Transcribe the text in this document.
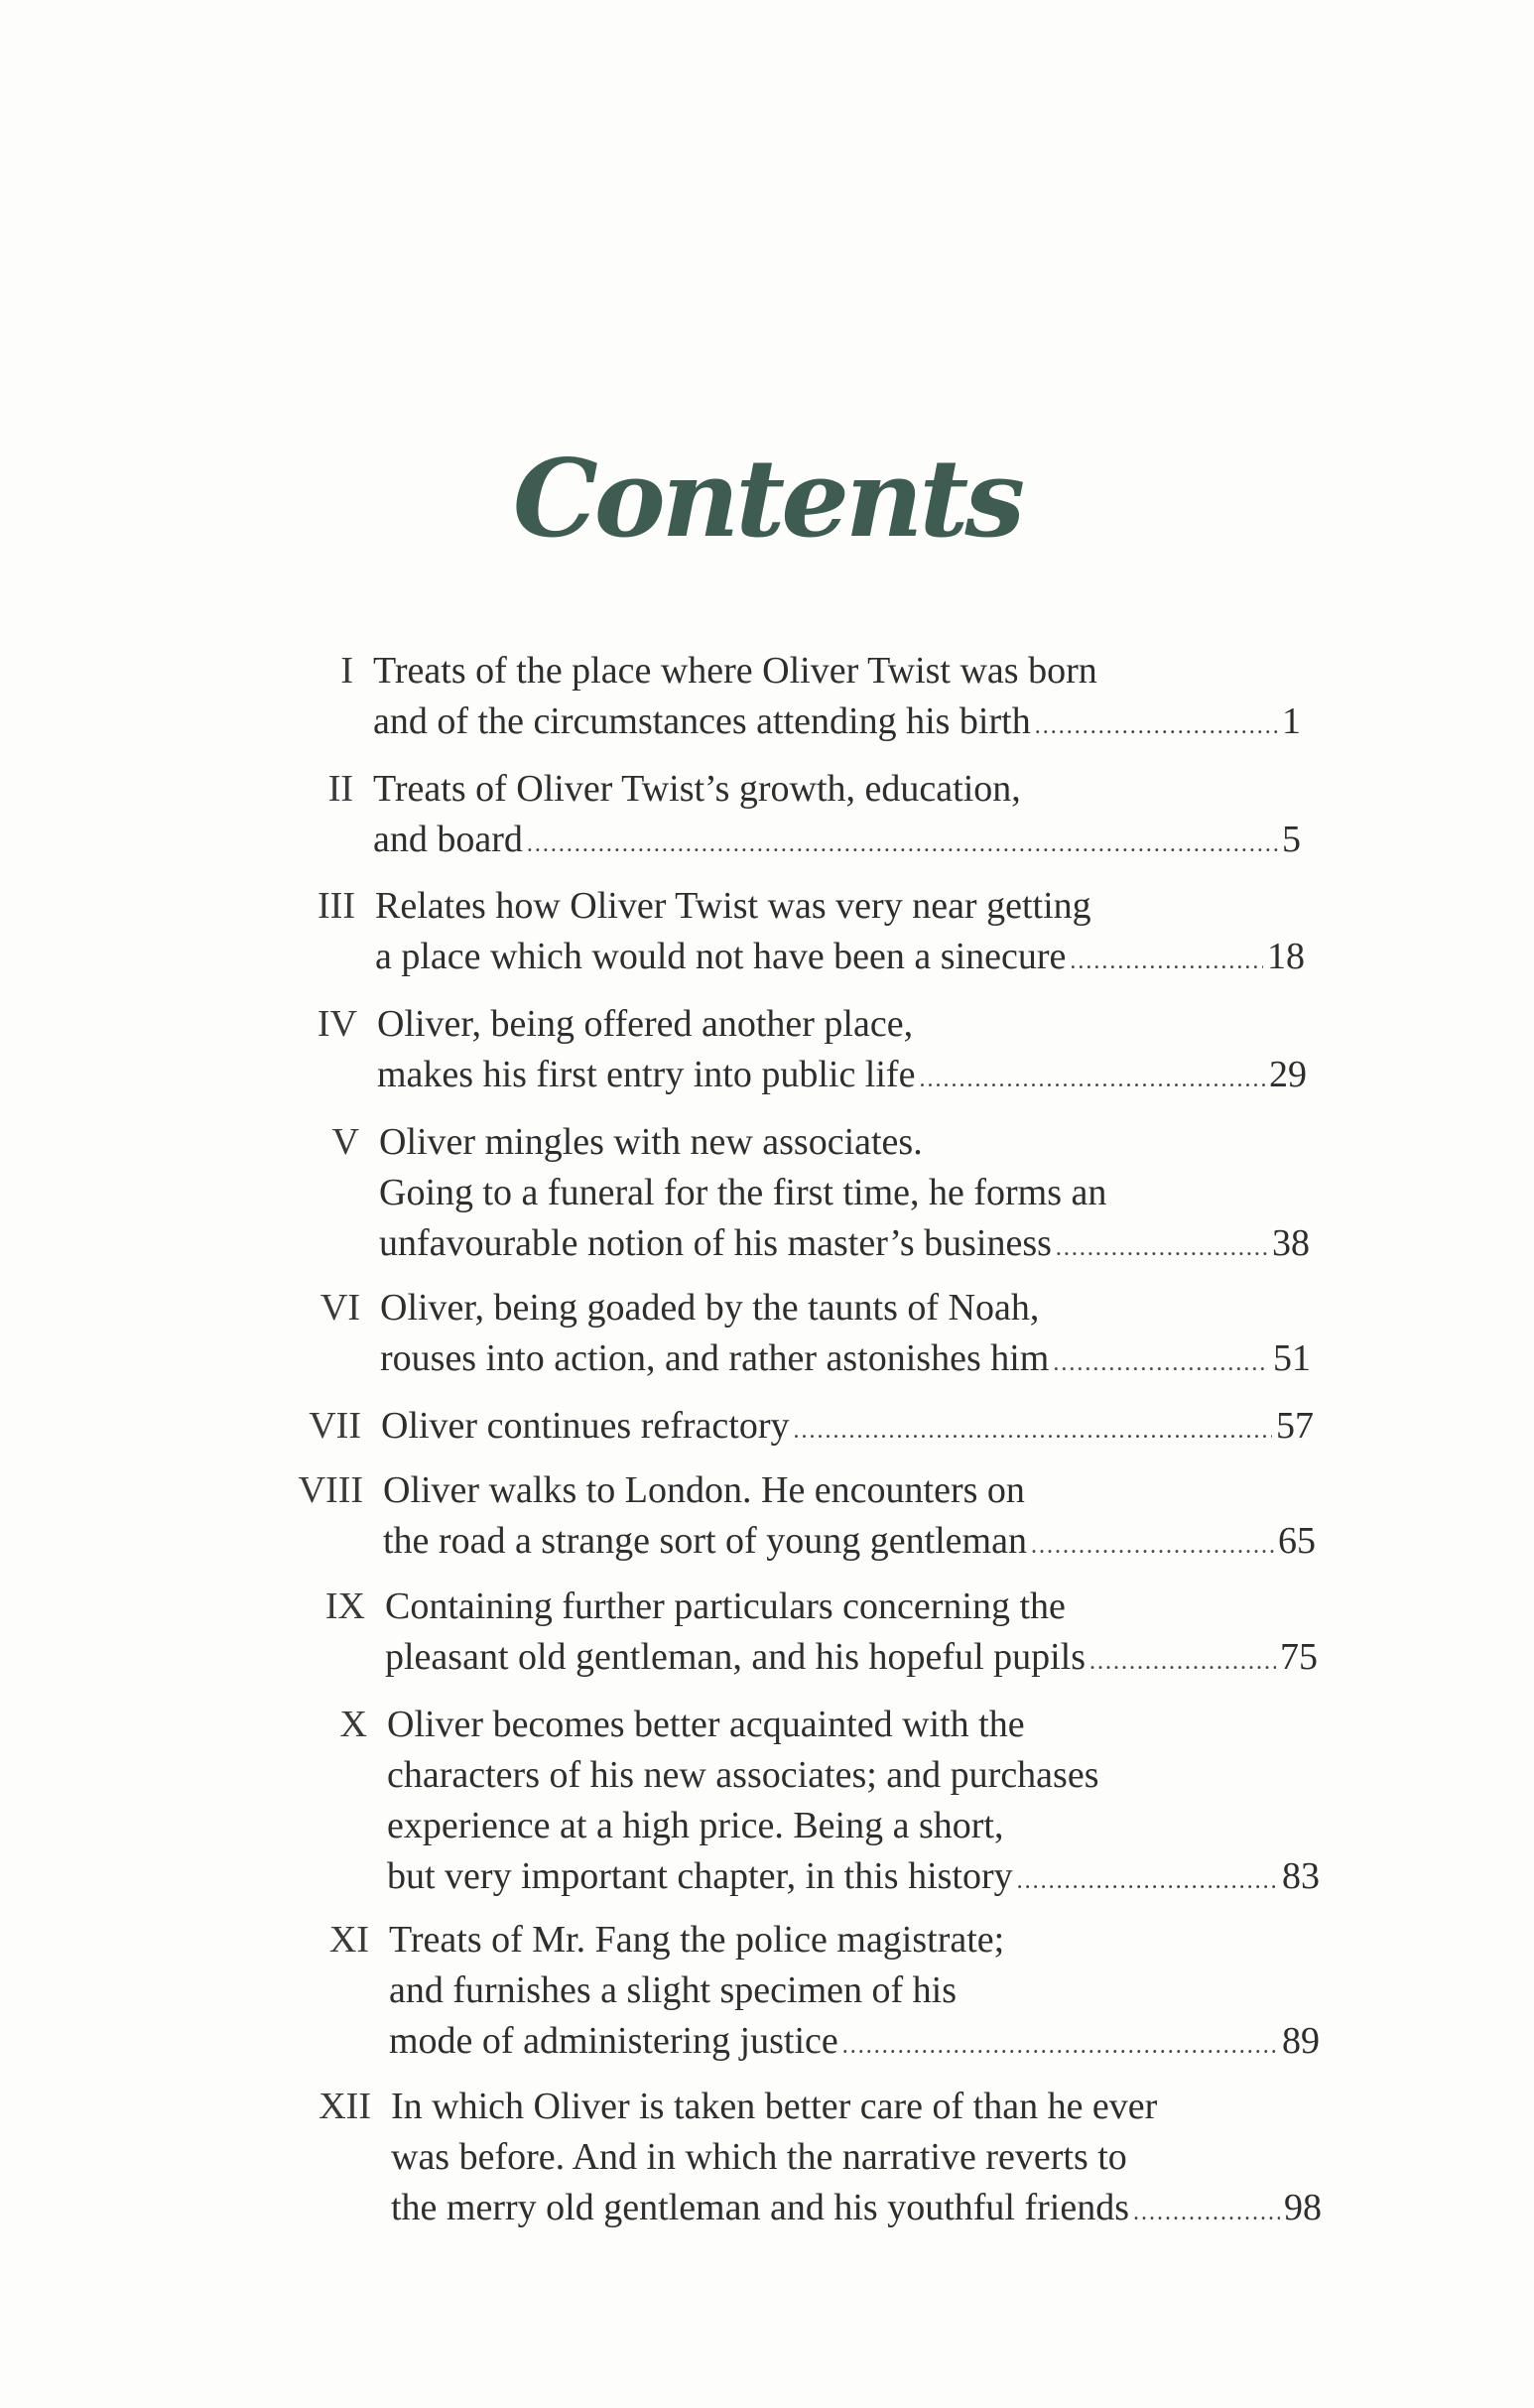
Contents
I Treats of the place where Oliver Twist was born
and of the circumstances attending his birth . . .	1
II Treats of Oliver Twist’s growth, education,
and board . . .	5
III Relates how Oliver Twist was very near getting
a place which would not have been a sinecure . . .	18
IV Oliver, being offered another place,
makes his first entry into public life . . .	29
V Oliver mingles with new associates.
Going to a funeral for the first time, he forms an
unfavourable notion of his master’s business . . .	38
VI Oliver, being goaded by the taunts of Noah,
rouses into action, and rather astonishes him . . .	51
VII Oliver continues refractory . . .	57
VIII Oliver walks to London. He encounters on
the road a strange sort of young gentleman . . .	65
IX Containing further particulars concerning the
pleasant old gentleman, and his hopeful pupils . . .	75
X Oliver becomes better acquainted with the
characters of his new associates; and purchases
experience at a high price. Being a short,
but very important chapter, in this history . . .	83
XI Treats of Mr. Fang the police magistrate;
and furnishes a slight specimen of his
mode of administering justice . . .	89
XII In which Oliver is taken better care of than he ever
was before. And in which the narrative reverts to
the merry old gentleman and his youthful friends . . .	98
